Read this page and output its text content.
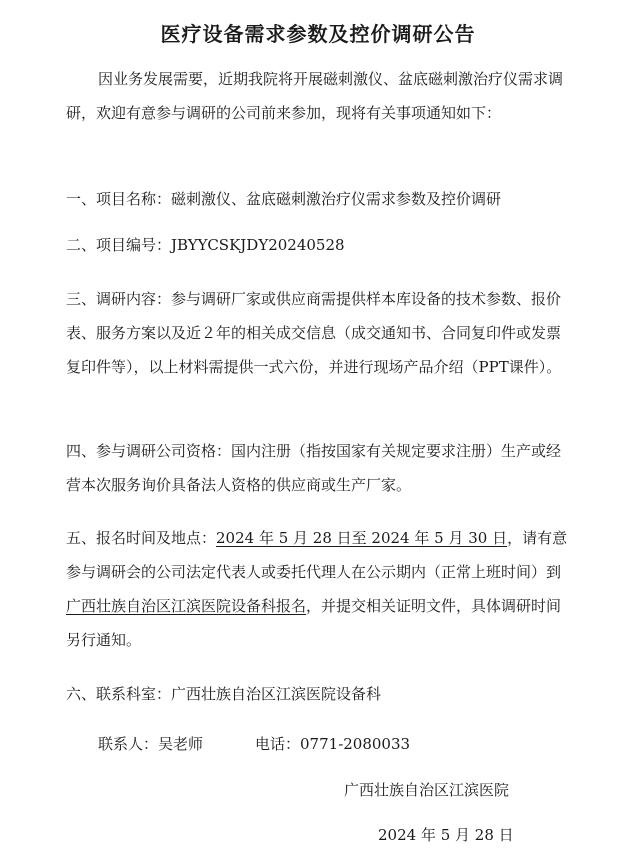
医疗设备需求参数及控价调研公告

因业务发展需要，近期我院将开展磁刺激仪、盆底磁刺激治疗仪需求调研，欢迎有意参与调研的公司前来参加，现将有关事项通知如下：

一、项目名称：磁刺激仪、盆底磁刺激治疗仪需求参数及控价调研

二、项目编号：JBYYCSKJDY20240528

三、调研内容：参与调研厂家或供应商需提供样本库设备的技术参数、报价表、服务方案以及近２年的相关成交信息（成交通知书、合同复印件或发票复印件等），以上材料需提供一式六份，并进行现场产品介绍（PPT课件）。

四、参与调研公司资格：国内注册（指按国家有关规定要求注册）生产或经营本次服务询价具备法人资格的供应商或生产厂家。

五、报名时间及地点：2024 年 5 月 28 日至 2024 年 5 月 30 日，请有意参与调研会的公司法定代表人或委托代理人在公示期内（正常上班时间）到广西壮族自治区江滨医院设备科报名，并提交相关证明文件，具体调研时间另行通知。

六、联系科室：广西壮族自治区江滨医院设备科

联系人：吴老师	电话：0771-2080033

广西壮族自治区江滨医院
2024 年 5 月 28 日
